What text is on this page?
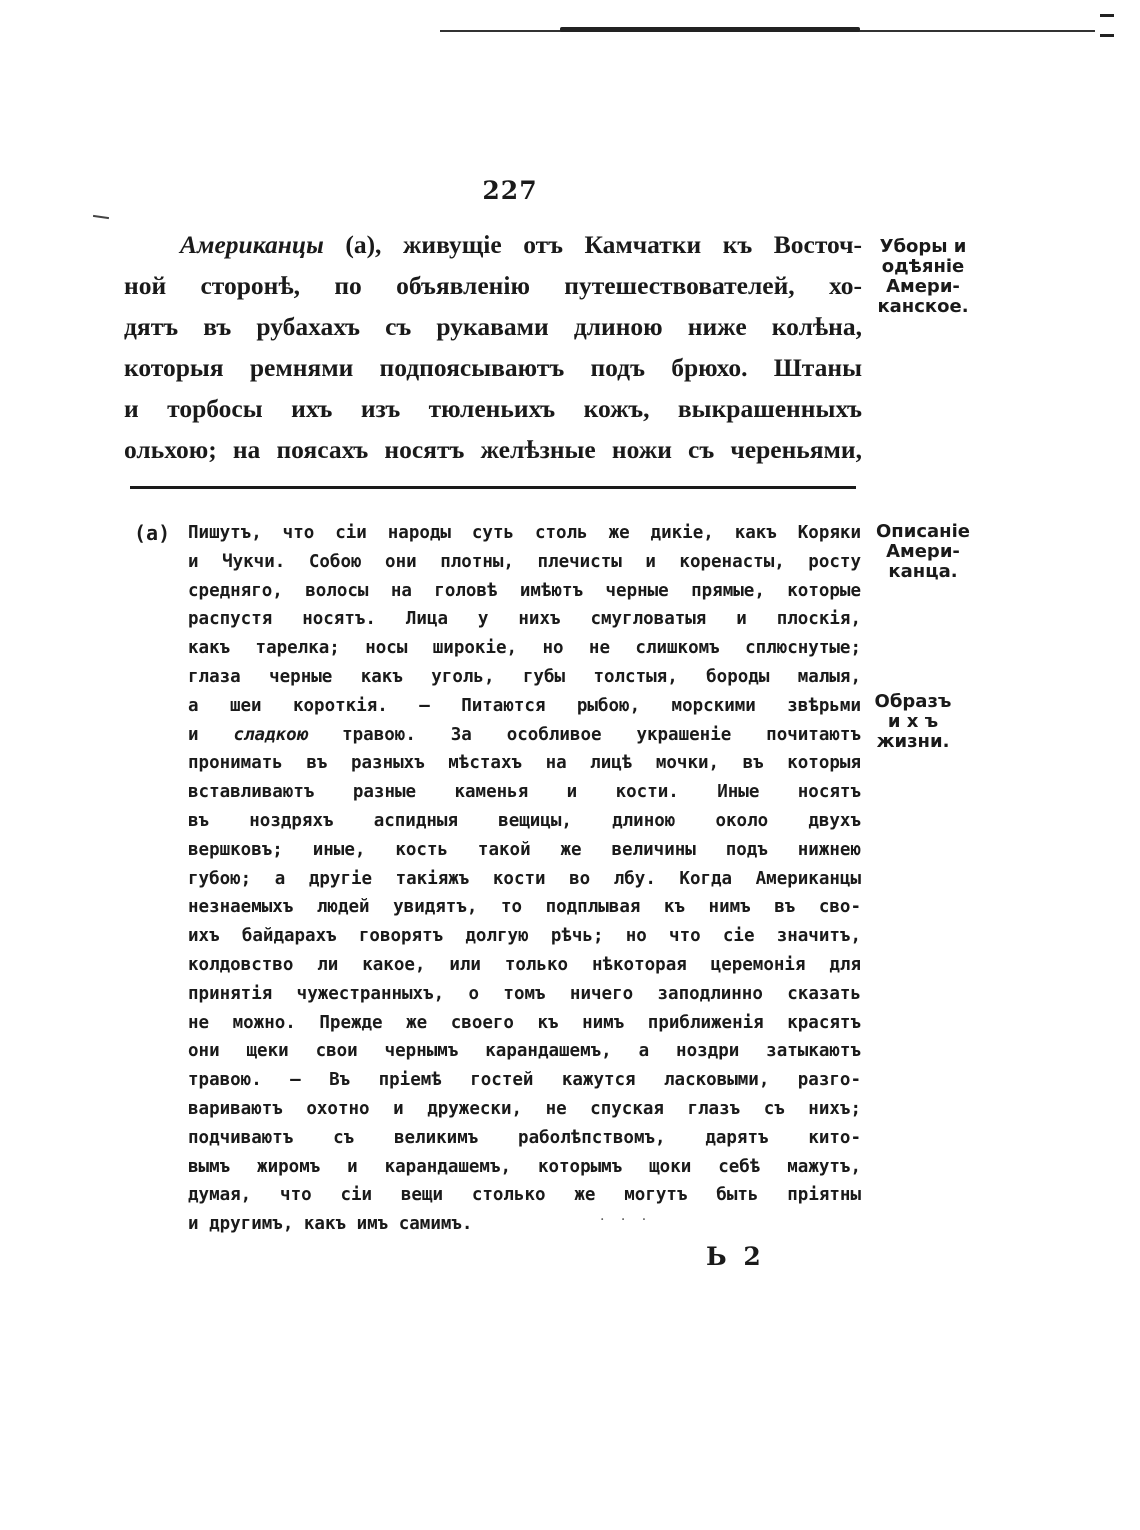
227
Американцы (а), живущіе отъ Камчатки къ Восточ-
ной сторонѣ, по объявленію путешествователей, хо-
дятъ въ рубахахъ съ рукавами длиною ниже колѣна,
которыя ремнями подпоясываютъ подъ брюхо. Штаны
и торбосы ихъ изъ тюленьихъ кожъ, выкрашенныхъ
ольхою; на поясахъ носятъ желѣзные ножи съ череньями,
Уборы и
одѣяніе
Амери-
канское.
(а) Пишутъ, что сіи народы суть столь же дикіе, какъ Коряки
и Чукчи. Собою они плотны, плечисты и коренасты, росту
средняго, волосы на головѣ имѣютъ черные прямые, которые
распустя носятъ. Лица у нихъ смугловатыя и плоскія,
какъ тарелка; носы широкіе, но не слишкомъ сплюснутые;
глаза черные какъ уголь, губы толстыя, бороды малыя,
а шеи короткія. — Питаются рыбою, морскими звѣрьми
и сладкою травою. За особливое украшеніе почитаютъ
пронимать въ разныхъ мѣстахъ на лицѣ мочки, въ которыя
вставливаютъ разные каменья и кости. Иные носятъ
въ ноздряхъ аспидныя вещицы, длиною около двухъ
вершковъ; иные, кость такой же величины подъ нижнею
губою; а другіе такіяжъ кости во лбу. Когда Американцы
незнаемыхъ людей увидятъ, то подплывая къ нимъ въ сво-
ихъ байдарахъ говорятъ долгую рѣчь; но что сіе значитъ,
колдовство ли какое, или только нѣкоторая церемонія для
принятія чужестранныхъ, о томъ ничего заподлинно сказать
не можно. Прежде же своего къ нимъ приближенія красятъ
они щеки свои чернымъ карандашемъ, а ноздри затыкаютъ
травою. — Въ пріемѣ гостей кажутся ласковыми, разго-
вариваютъ охотно и дружески, не спуская глазъ съ нихъ;
подчиваютъ съ великимъ раболѣпствомъ, дарятъ кито-
вымъ жиромъ и карандашемъ, которымъ щоки себѣ мажутъ,
думая, что сіи вещи столько же могутъ быть пріятны
и другимъ, какъ имъ самимъ.
Описаніе
Амери-
канца.
Образъ
и х ъ
жизни.
· · ·
Ь 2
